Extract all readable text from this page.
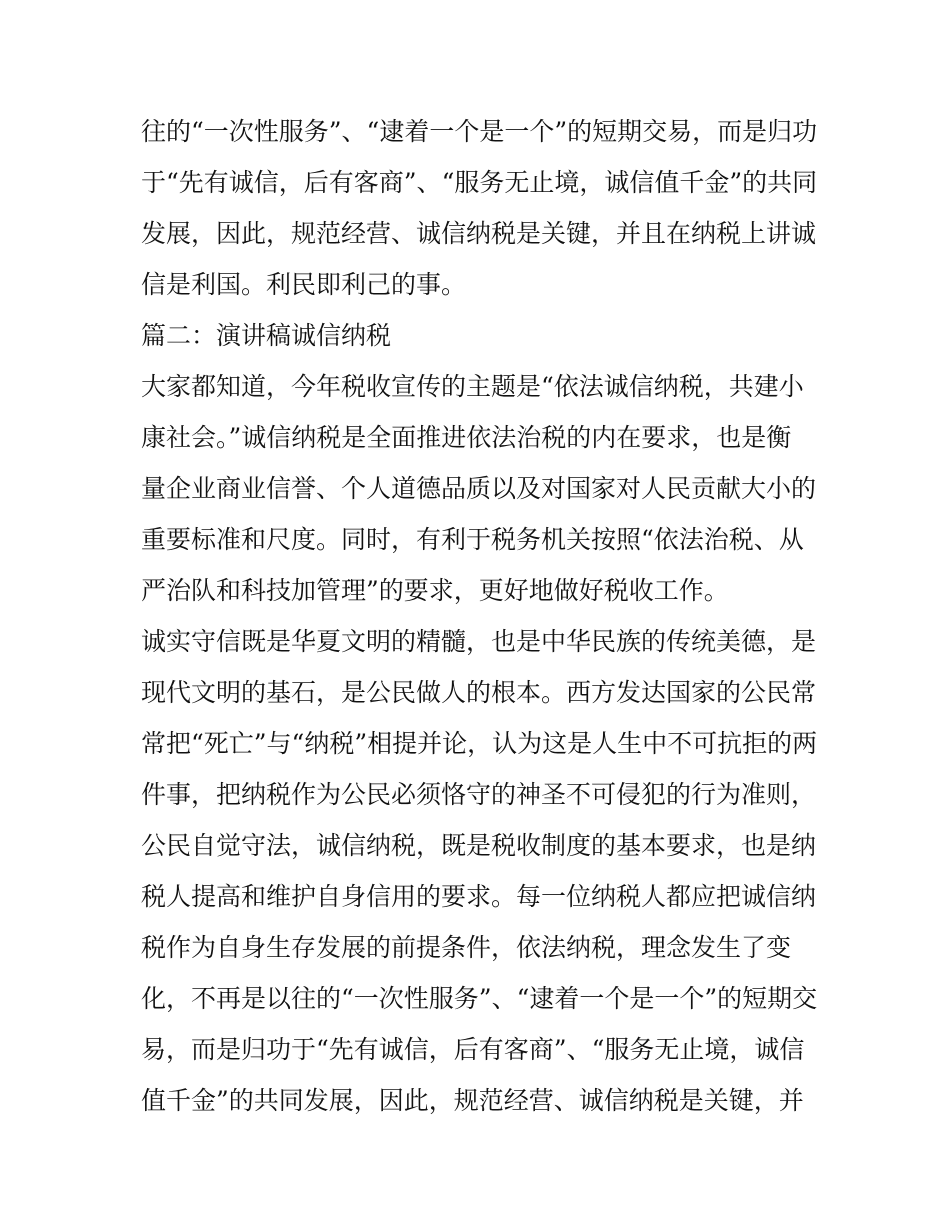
往的“一次性服务”、“逮着一个是一个”的短期交易，而是归功
于“先有诚信，后有客商”、“服务无止境，诚信值千金”的共同
发展，因此，规范经营、诚信纳税是关键，并且在纳税上讲诚
信是利国。利民即利己的事。
篇二：演讲稿诚信纳税
大家都知道，今年税收宣传的主题是“依法诚信纳税，共建小
康社会。”诚信纳税是全面推进依法治税的内在要求，也是衡
量企业商业信誉、个人道德品质以及对国家对人民贡献大小的
重要标准和尺度。同时，有利于税务机关按照“依法治税、从
严治队和科技加管理”的要求，更好地做好税收工作。
诚实守信既是华夏文明的精髓，也是中华民族的传统美德，是
现代文明的基石，是公民做人的根本。西方发达国家的公民常
常把“死亡”与“纳税”相提并论，认为这是人生中不可抗拒的两
件事，把纳税作为公民必须恪守的神圣不可侵犯的行为准则，
公民自觉守法，诚信纳税，既是税收制度的基本要求，也是纳
税人提高和维护自身信用的要求。每一位纳税人都应把诚信纳
税作为自身生存发展的前提条件，依法纳税，理念发生了变
化，不再是以往的“一次性服务”、“逮着一个是一个”的短期交
易，而是归功于“先有诚信，后有客商”、“服务无止境，诚信
值千金”的共同发展，因此，规范经营、诚信纳税是关键，并
